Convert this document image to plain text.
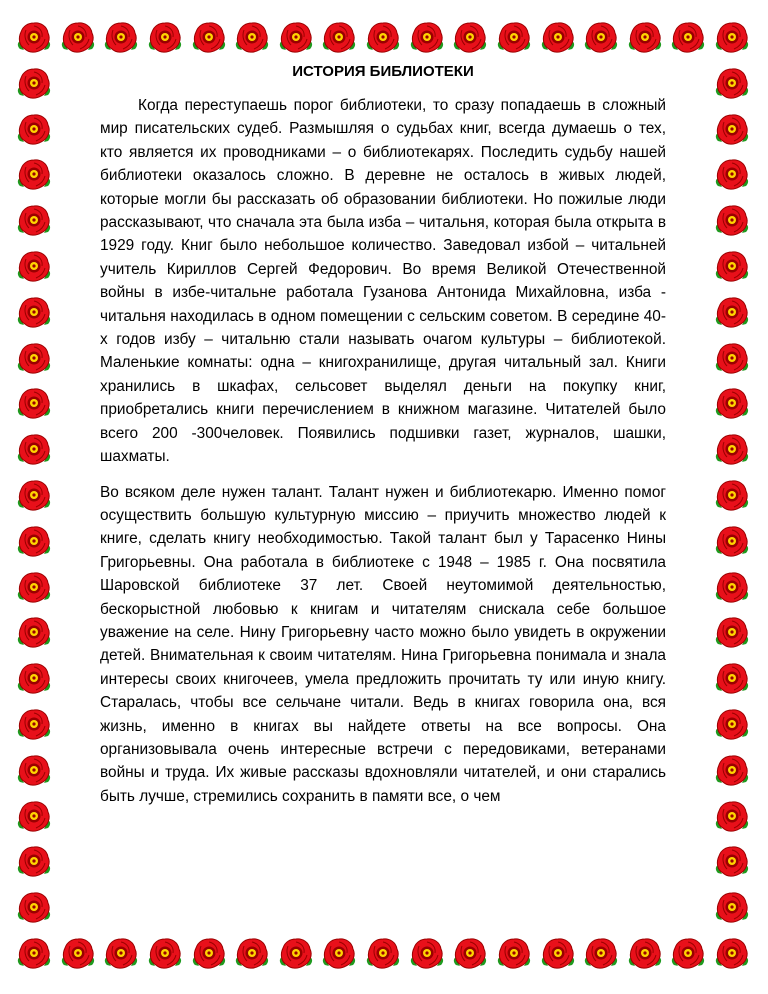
ИСТОРИЯ БИБЛИОТЕКИ

Когда переступаешь порог библиотеки, то сразу попадаешь в сложный мир писательских судеб. Размышляя о судьбах книг, всегда думаешь о тех, кто является их проводниками – о библиотекарях. Последить судьбу нашей библиотеки оказалось сложно. В деревне не осталось в живых людей, которые могли бы рассказать об образовании библиотеки. Но пожилые люди рассказывают, что сначала эта была изба – читальня, которая была открыта в 1929 году. Книг было небольшое количество. Заведовал избой – читальней учитель Кириллов Сергей Федорович. Во время Великой Отечественной войны в избе-читальне работала Гузанова Антонида Михайловна, изба - читальня находилась в одном помещении с сельским советом. В середине 40-х годов избу – читальню стали называть очагом культуры – библиотекой. Маленькие комнаты: одна – книгохранилище, другая читальный зал. Книги хранились в шкафах, сельсовет выделял деньги на покупку книг, приобретались книги перечислением в книжном магазине. Читателей было всего 200 -300человек. Появились подшивки газет, журналов, шашки, шахматы.

Во всяком деле нужен талант. Талант нужен и библиотекарю. Именно помог осуществить большую культурную миссию – приучить множество людей к книге, сделать книгу необходимостью. Такой талант был у Тарасенко Нины Григорьевны. Она работала в библиотеке с 1948 – 1985 г. Она посвятила Шаровской библиотеке 37 лет. Своей неутомимой деятельностью, бескорыстной любовью к книгам и читателям снискала себе большое уважение на селе. Нину Григорьевну часто можно было увидеть в окружении детей. Внимательная к своим читателям. Нина Григорьевна понимала и знала интересы своих книгочеев, умела предложить прочитать ту или иную книгу. Старалась, чтобы все сельчане читали. Ведь в книгах говорила она, вся жизнь, именно в книгах вы найдете ответы на все вопросы. Она организовывала очень интересные встречи с передовиками, ветеранами войны и труда. Их живые рассказы вдохновляли читателей, и они старались быть лучше, стремились сохранить в памяти все, о чем
